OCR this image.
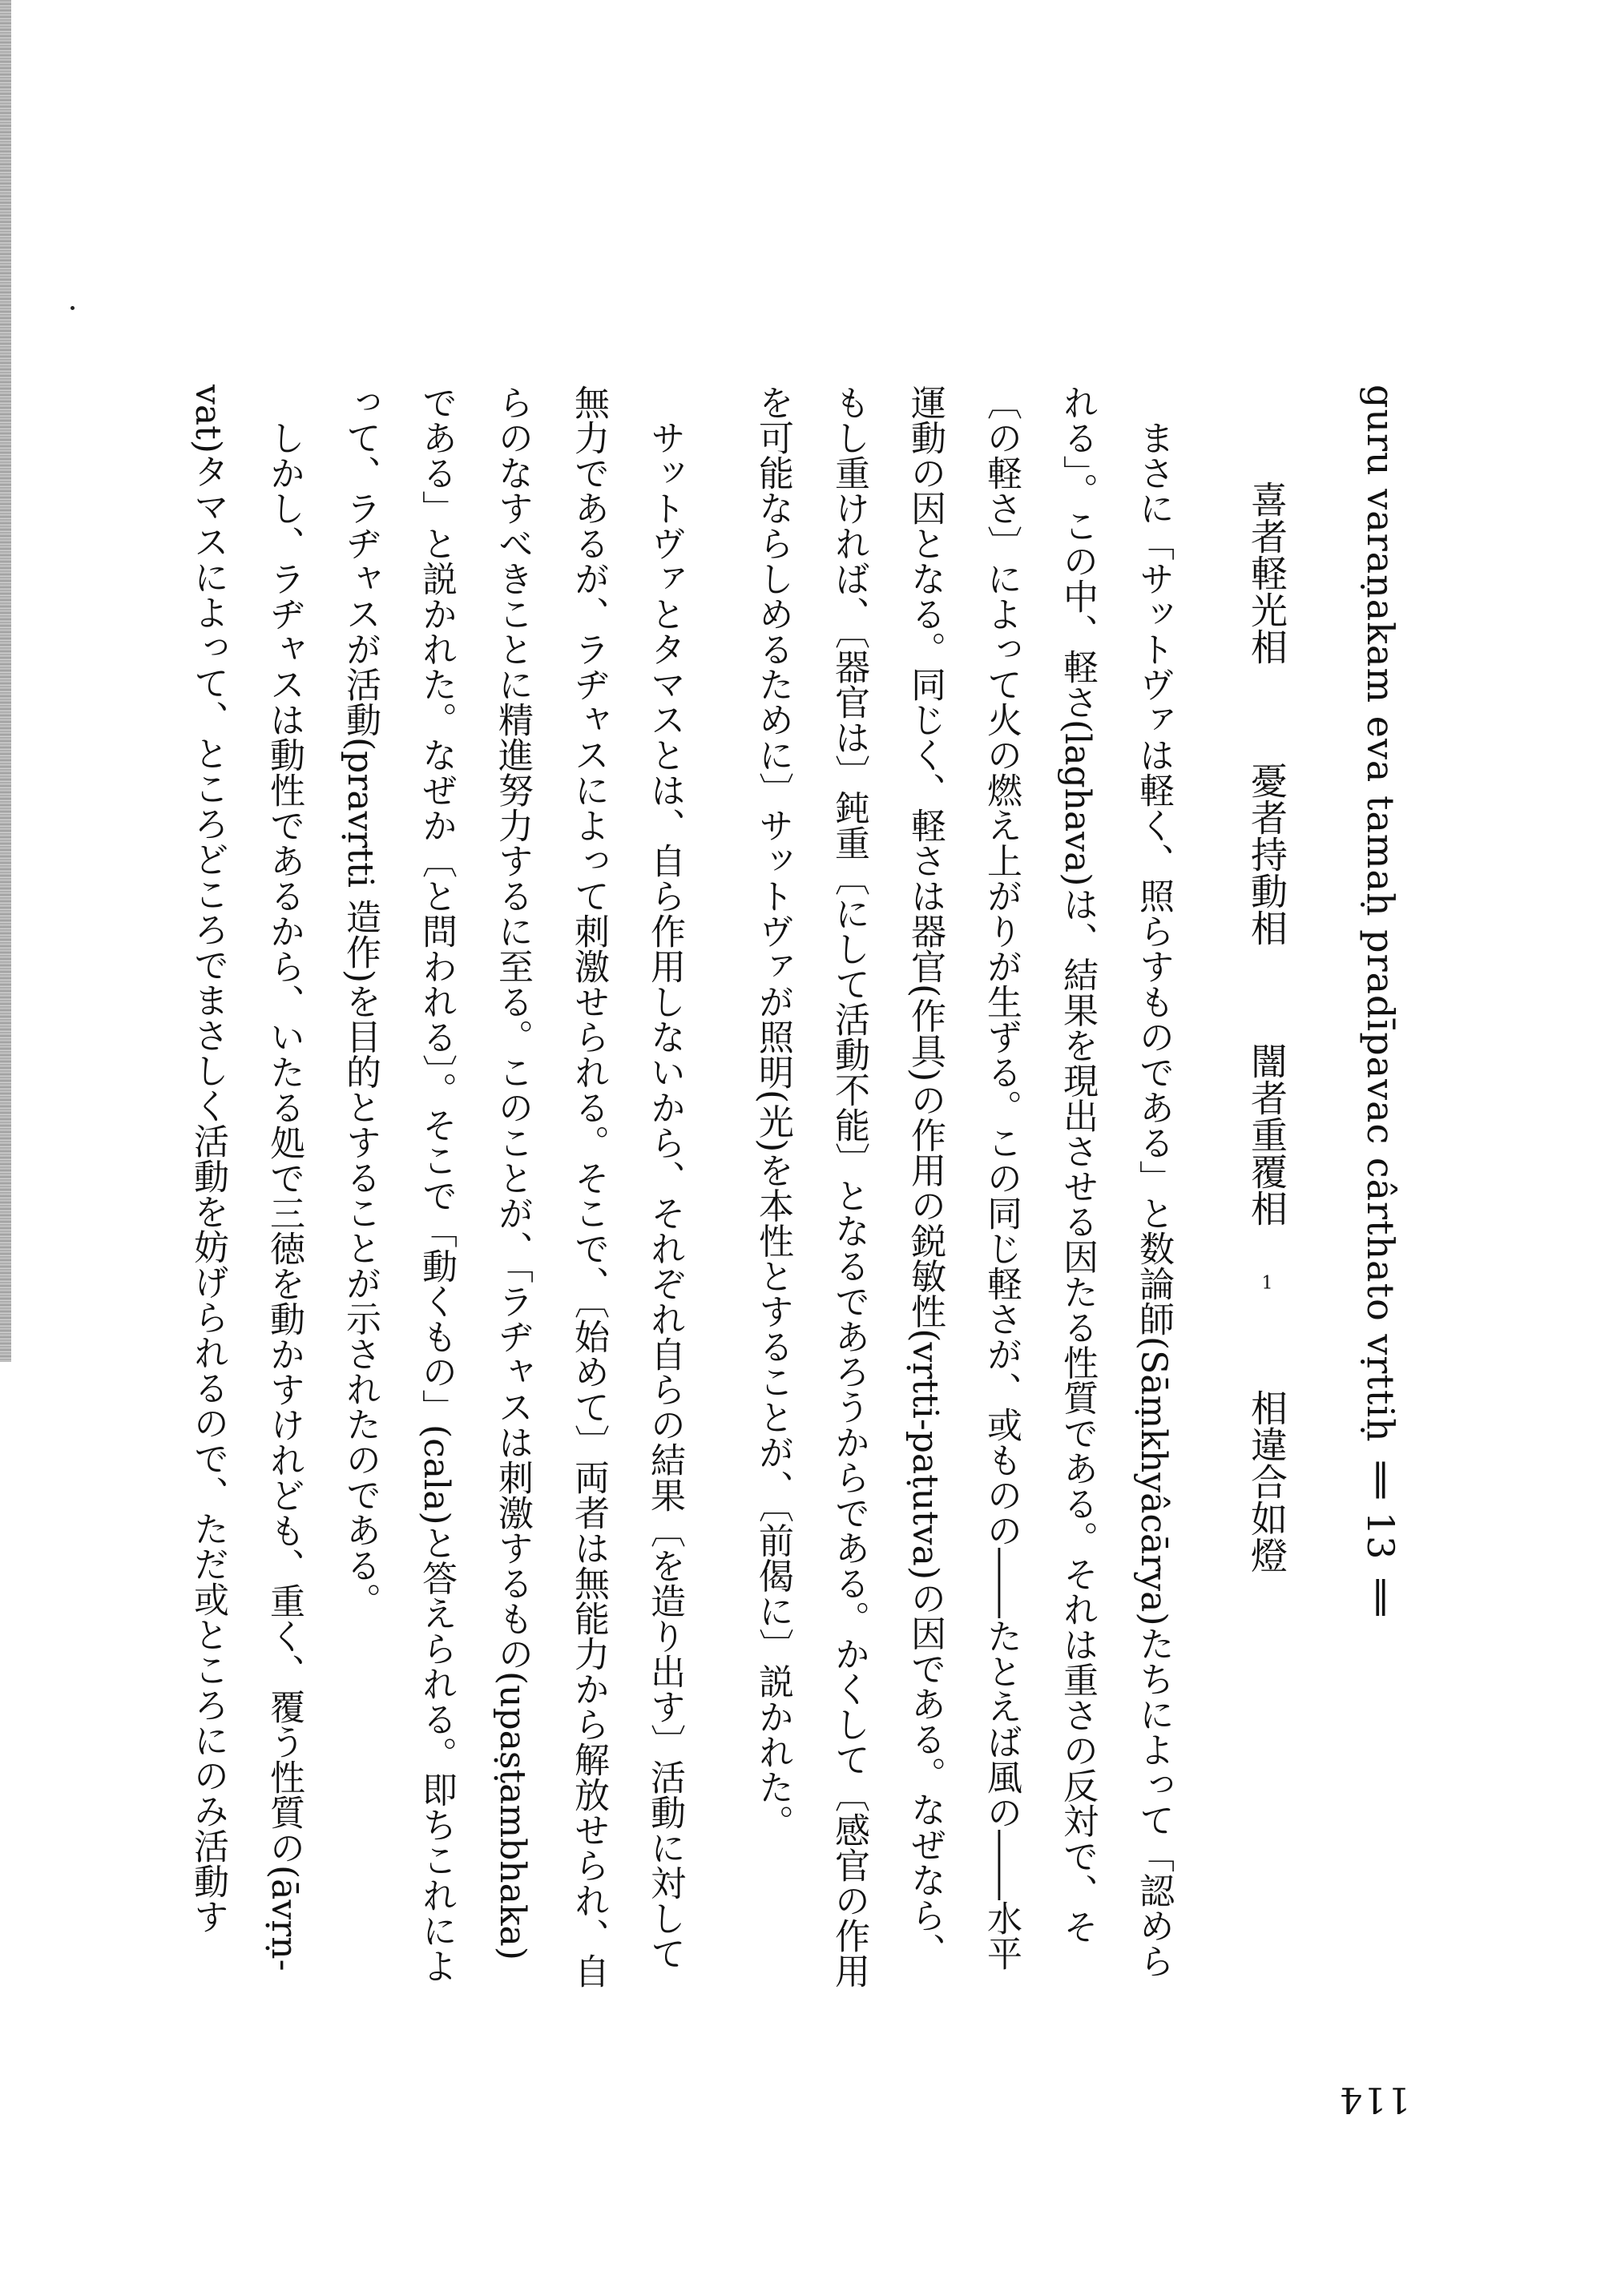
guru varaṇakam eva tamaḥ pradīpavac cârthato vṛttiḥ ‖ 13 ‖

喜者軽光相　 憂者持動相　 闇者重覆相1　 相違合如燈

まさに「サットヴァは軽く、照らすものである」と数論師(Sāṃkhyâcārya)たちによって「認められる」。この中、軽さ(laghava)は、結果を現出させる因たる性質である。それは重さの反対で、そ〔の軽さ〕によって火の燃え上がりが生ずる。この同じ軽さが、或ものの――たとえば風の――水平運動の因となる。同じく、軽さは器官(作具)の作用の鋭敏性(vṛtti-paṭutva)の因である。なぜなら、もし重ければ、〔器官は〕鈍重〔にして活動不能〕となるであろうからである。かくして〔感官の作用を可能ならしめるために〕サットヴァが照明(光)を本性とすることが、〔前偈に〕説かれた。

サットヴァとタマスとは、自ら作用しないから、それぞれ自らの結果〔を造り出す〕活動に対して無力であるが、ラヂャスによって刺激せられる。そこで、〔始めて〕両者は無能力から解放せられ、自らのなすべきことに精進努力するに至る。このことが、「ラヂャスは刺激するもの(upaṣṭambhaka)である」と説かれた。なぜか〔と問われる〕。そこで「動くもの」(cala)と答えられる。即ちこれによって、ラヂャスが活動(pravṛtti 造作)を目的とすることが示されたのである。

しかし、ラヂャスは動性であるから、いたる処で三徳を動かすけれども、重く、覆う性質の(āvṛṇ-vat)タマスによって、ところどころでまさしく活動を妨げられるので、ただ或ところにのみ活動す

114
